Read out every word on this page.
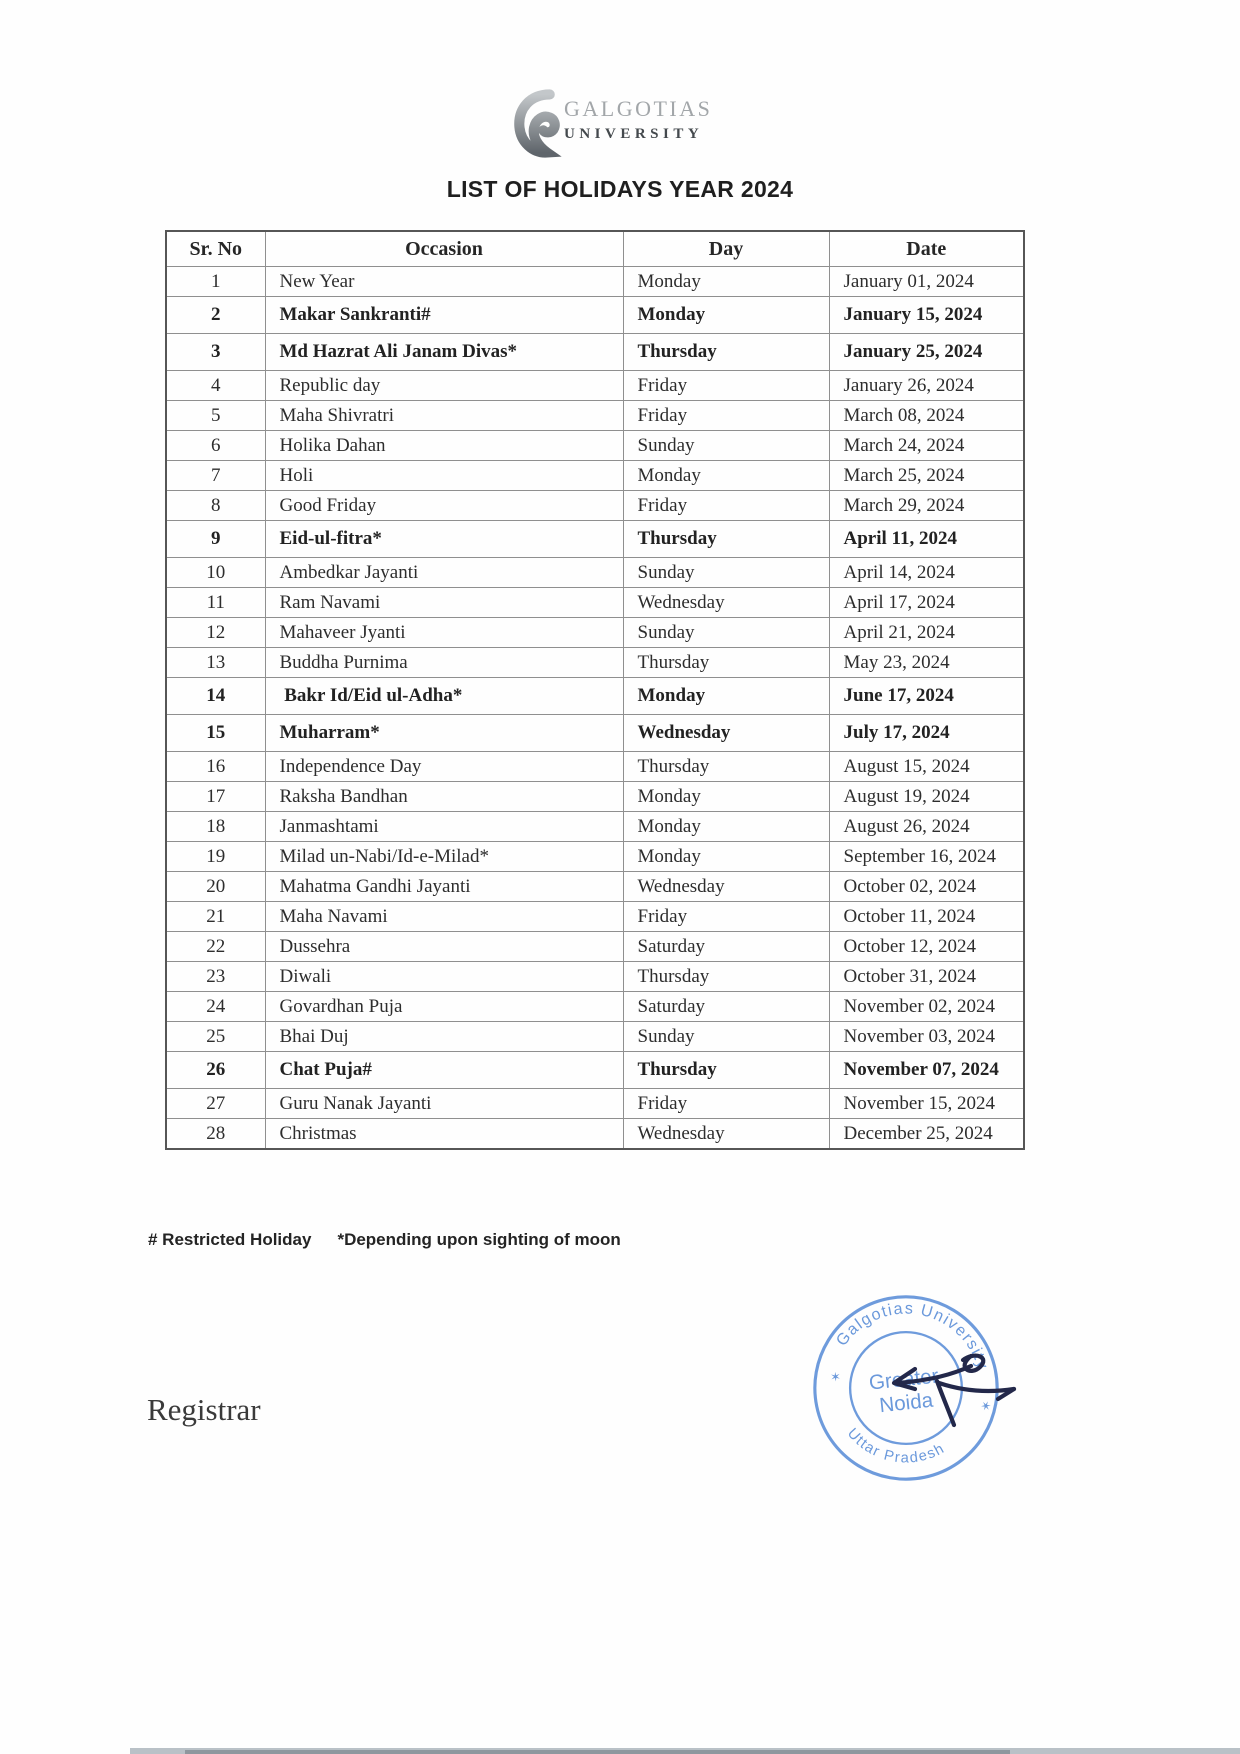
GALGOTIAS
UNIVERSITY
LIST OF HOLIDAYS YEAR 2024
Sr. No	Occasion	Day	Date
1	New Year	Monday	January 01, 2024
2	Makar Sankranti#	Monday	January 15, 2024
3	Md Hazrat Ali Janam Divas*	Thursday	January 25, 2024
4	Republic day	Friday	January 26, 2024
5	Maha Shivratri	Friday	March 08, 2024
6	Holika Dahan	Sunday	March 24, 2024
7	Holi	Monday	March 25, 2024
8	Good Friday	Friday	March 29, 2024
9	Eid-ul-fitra*	Thursday	April 11, 2024
10	Ambedkar Jayanti	Sunday	April 14, 2024
11	Ram Navami	Wednesday	April 17, 2024
12	Mahaveer Jyanti	Sunday	April 21, 2024
13	Buddha Purnima	Thursday	May 23, 2024
14	Bakr Id/Eid ul-Adha*	Monday	June 17, 2024
15	Muharram*	Wednesday	July 17, 2024
16	Independence Day	Thursday	August 15, 2024
17	Raksha Bandhan	Monday	August 19, 2024
18	Janmashtami	Monday	August 26, 2024
19	Milad un-Nabi/Id-e-Milad*	Monday	September 16, 2024
20	Mahatma Gandhi Jayanti	Wednesday	October 02, 2024
21	Maha Navami	Friday	October 11, 2024
22	Dussehra	Saturday	October 12, 2024
23	Diwali	Thursday	October 31, 2024
24	Govardhan Puja	Saturday	November 02, 2024
25	Bhai Duj	Sunday	November 03, 2024
26	Chat Puja#	Thursday	November 07, 2024
27	Guru Nanak Jayanti	Friday	November 15, 2024
28	Christmas	Wednesday	December 25, 2024
# Restricted Holiday *Depending upon sighting of moon
Galgotias University
Uttar Pradesh
✶
✶
Greater
Noida
Registrar
